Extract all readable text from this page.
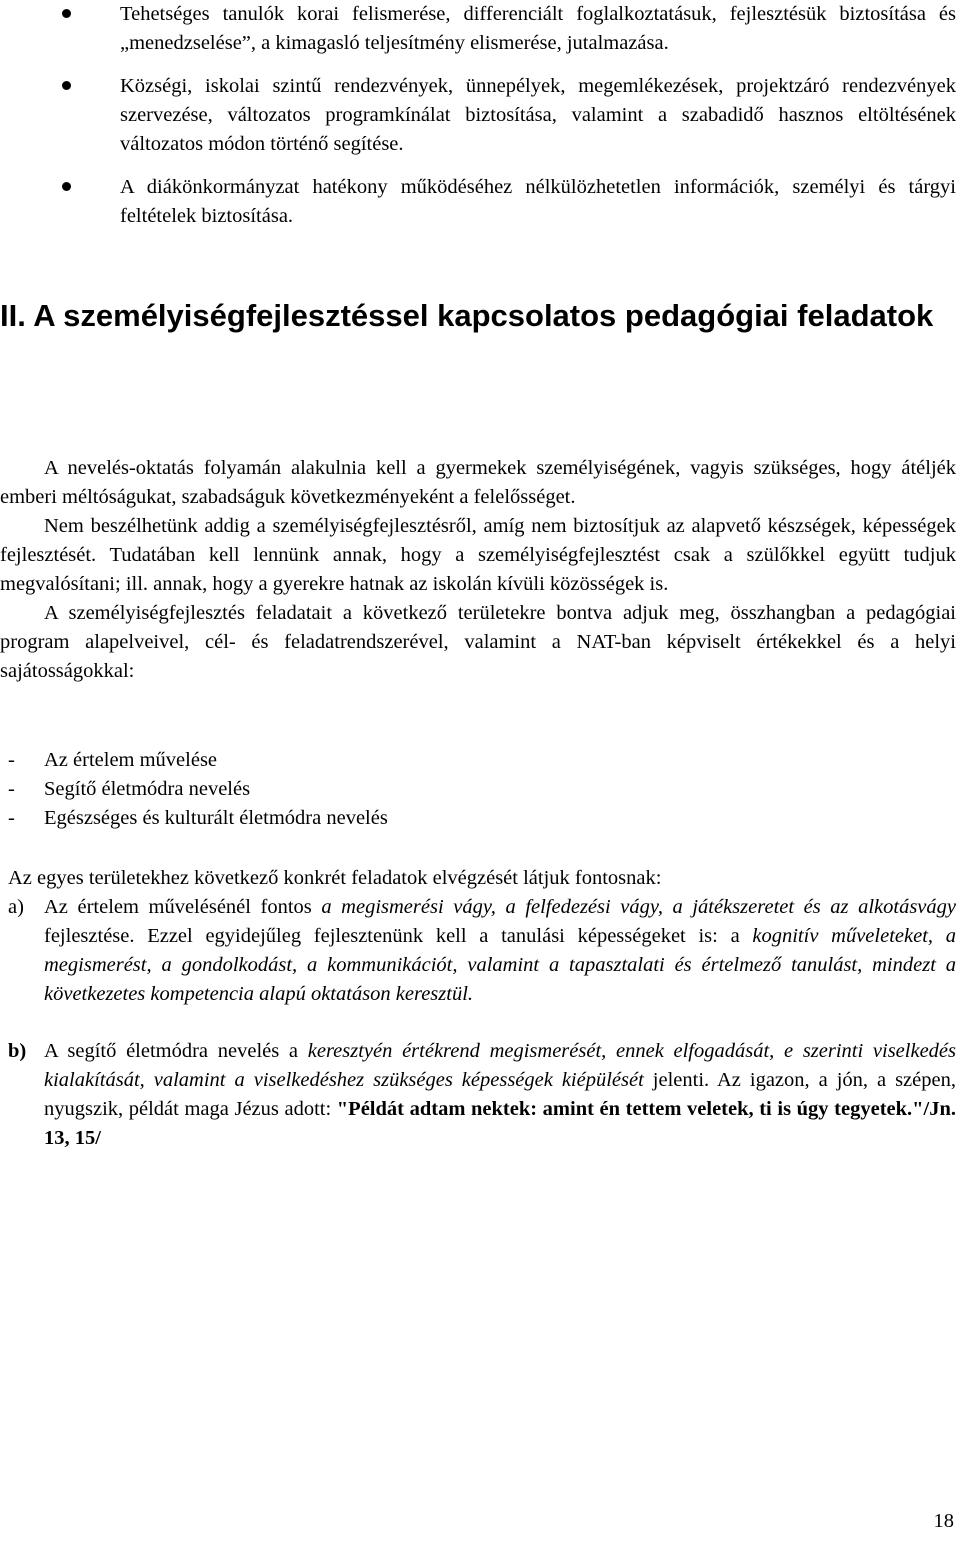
Tehetséges tanulók korai felismerése, differenciált foglalkoztatásuk, fejlesztésük biztosítása és „menedzselése”, a kimagasló teljesítmény elismerése, jutalmazása.
Községi, iskolai szintű rendezvények, ünnepélyek, megemlékezések, projektzáró rendezvények szervezése, változatos programkínálat biztosítása, valamint a szabadidő hasznos eltöltésének változatos módon történő segítése.
A diákönkormányzat hatékony működéséhez nélkülözhetetlen információk, személyi és tárgyi feltételek biztosítása.
II. A személyiségfejlesztéssel kapcsolatos pedagógiai feladatok

A nevelés-oktatás folyamán alakulnia kell a gyermekek személyiségének, vagyis szükséges, hogy átéljék emberi méltóságukat, szabadságuk következményeként a felelősséget.

Nem beszélhetünk addig a személyiségfejlesztésről, amíg nem biztosítjuk az alapvető készségek, képességek fejlesztését. Tudatában kell lennünk annak, hogy a személyiségfejlesztést csak a szülőkkel együtt tudjuk megvalósítani; ill. annak, hogy a gyerekre hatnak az iskolán kívüli közösségek is.

A személyiségfejlesztés feladatait a következő területekre bontva adjuk meg, összhangban a pedagógiai program alapelveivel, cél- és feladatrendszerével, valamint a NAT-ban képviselt értékekkel és a helyi sajátosságokkal:

-	Az értelem művelése
-	Segítő életmódra nevelés
-	Egészséges és kulturált életmódra nevelés

Az egyes területekhez következő konkrét feladatok elvégzését látjuk fontosnak:

a) Az értelem művelésénél fontos a megismerési vágy, a felfedezési vágy, a játékszeretet és az alkotásvágy fejlesztése. Ezzel egyidejűleg fejlesztenünk kell a tanulási képességeket is: a kognitív műveleteket, a megismerést, a gondolkodást, a kommunikációt, valamint a tapasztalati és értelmező tanulást, mindezt a következetes kompetencia alapú oktatáson keresztül.
b) A segítő életmódra nevelés a keresztyén értékrend megismerését, ennek elfogadását, e szerinti viselkedés kialakítását, valamint a viselkedéshez szükséges képességek kiépülését jelenti. Az igazon, a jón, a szépen, nyugszik, példát maga Jézus adott: "Példát adtam nektek: amint én tettem veletek, ti is úgy tegyetek."/Jn. 13, 15/
18
